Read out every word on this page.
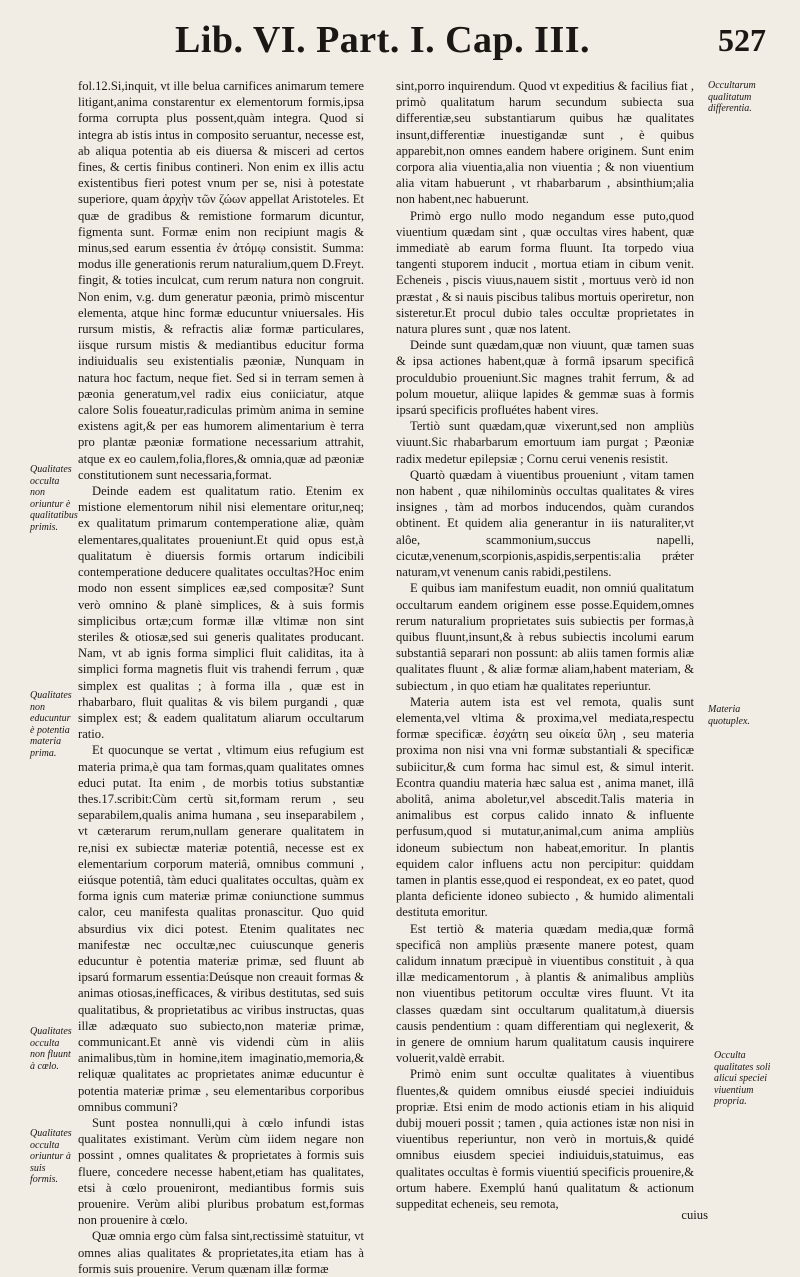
Lib. VI. Part. I. Cap. III.	527

fol.12.Si,inquit, vt ille belua carnifices animarum temere litigant,anima constarentur ex elementorum formis,ipsa forma corrupta plus possent,quàm integra. Quod si integra ab istis intus in composito seruantur, necesse est, ab aliqua potentia ab eis diuersa & misceri ad certos fines, & certis finibus contineri. Non enim ex illis actu existentibus fieri potest vnum per se, nisi à potestate superiore, quam ἀρχὴν τῶν ζώων appellat Aristoteles. Et quæ de gradibus & remistione formarum dicuntur, figmenta sunt. Formæ enim non recipiunt magis & minus,sed earum essentia ἐν ἀτόμῳ consistit. Summa: modus ille generationis rerum naturalium,quem D.Freyt. fingit, & toties inculcat, cum rerum natura non congruit. Non enim, v.g. dum generatur pæonia, primò miscentur elementa, atque hinc formæ educuntur vniuersales. His rursum mistis, & refractis aliæ formæ particulares, iisque rursum mistis & mediantibus educitur forma indiuidualis seu existentialis pæoniæ, Nunquam in natura hoc factum, neque fiet. Sed si in terram semen à pæonia generatum,vel radix eius coniiciatur, atque calore Solis foueatur,radiculas primùm anima in semine existens agit,& per eas humorem alimentarium è terra pro plantæ pæoniæ formatione necessarium attrahit, atque ex eo caulem,folia,flores,& omnia,quæ ad pæoniæ constitutionem sunt necessaria,format.

Deinde eadem est qualitatum ratio. Etenim ex mistione elementorum nihil nisi elementare oritur,neq; ex qualitatum primarum contemperatione aliæ, quàm elementares,qualitates proueniunt.Et quid opus est,à qualitatum è diuersis formis ortarum indicibili contemperatione deducere qualitates occultas?Hoc enim modo non essent simplices eæ,sed compositæ? Sunt verò omnino & planè simplices, & à suis formis simplicibus ortæ;cum formæ illæ vltimæ non sint steriles & otiosæ,sed sui generis qualitates producant. Nam, vt ab ignis forma simplici fluit caliditas, ita à simplici forma magnetis fluit vis trahendi ferrum , quæ simplex est qualitas ; à forma illa , quæ est in rhabarbaro, fluit qualitas & vis bilem purgandi , quæ simplex est; & eadem qualitatum aliarum occultarum ratio.

Et quocunque se vertat , vltimum eius refugium est materia prima,è qua tam formas,quam qualitates omnes educi putat. Ita enim , de morbis totius substantiæ thes.17.scribit:Cùm certù sit,formam rerum , seu separabilem,qualis anima humana , seu inseparabilem , vt cæterarum rerum,nullam generare qualitatem in re,nisi ex subiectæ materiæ potentiâ, necesse est ex elementarium corporum materiâ, omnibus communi , eiúsque potentiâ, tàm educi qualitates occultas, quàm ex forma ignis cum materiæ primæ coniunctione summus calor, ceu manifesta qualitas pronascitur. Quo quid absurdius vix dici potest. Etenim qualitates nec manifestæ nec occultæ,nec cuiuscunque generis educuntur è potentia materiæ primæ, sed fluunt ab ipsarú formarum essentia:Deúsque non creauit formas & animas otiosas,inefficaces, & viribus destitutas, sed suis qualitatibus, & proprietatibus ac viribus instructas, quas illæ adæquato suo subiecto,non materiæ primæ, communicant.Et annè vis videndi cùm in aliis animalibus,tùm in homine,item imaginatio,memoria,& reliquæ qualitates ac proprietates animæ educuntur è potentia materiæ primæ , seu elementaribus corporibus omnibus communi?

Sunt postea nonnulli,qui à cœlo infundi istas qualitates existimant. Verùm cùm iidem negare non possint , omnes qualitates & proprietates à formis suis fluere, concedere necesse habent,etiam has qualitates, etsi à cœlo proueniront, mediantibus formis suis prouenire. Verùm alibi pluribus probatum est,formas non prouenire à cœlo.

Quæ omnia ergo cùm falsa sint,rectissimè statuitur, vt omnes alias qualitates & proprietates,ita etiam has à formis suis prouenire. Verum quænam illæ formæ

sint,porro inquirendum. Quod vt expeditius & facilius fiat , primò qualitatum harum secundum subiecta sua differentiæ,seu substantiarum quibus hæ qualitates insunt,differentiæ inuestigandæ sunt , è quibus apparebit,non omnes eandem habere originem. Sunt enim corpora alia viuentia,alia non viuentia ; & non viuentium alia vitam habuerunt , vt rhabarbarum , absinthium;alia non habent,nec habuerunt.

Primò ergo nullo modo negandum esse puto,quod viuentium quædam sint , quæ occultas vires habent, quæ immediatè ab earum forma fluunt. Ita torpedo viua tangenti stuporem inducit , mortua etiam in cibum venit. Echeneis , piscis viuus,nauem sistit , mortuus verò id non præstat , & si nauis piscibus talibus mortuis operiretur, non sisteretur.Et procul dubio tales occultæ proprietates in natura plures sunt , quæ nos latent.

Deinde sunt quædam,quæ non viuunt, quæ tamen suas & ipsa actiones habent,quæ à formâ ipsarum specificâ proculdubio proueniunt.Sic magnes trahit ferrum, & ad polum mouetur, aliique lapides & gemmæ suas à formis ipsarú specificis profluétes habent vires.

Tertiò sunt quædam,quæ vixerunt,sed non ampliùs viuunt.Sic rhabarbarum emortuum iam purgat ; Pæoniæ radix medetur epilepsiæ ; Cornu cerui venenis resistit.

Quartò quædam à viuentibus proueniunt , vitam tamen non habent , quæ nihilominùs occultas qualitates & vires insignes , tàm ad morbos inducendos, quàm curandos obtinent. Et quidem alia generantur in iis naturaliter,vt alôe, scammonium,succus napelli, cicutæ,venenum,scorpionis,aspidis,serpentis:alia prǽter naturam,vt venenum canis rabidi,pestilens.

E quibus iam manifestum euadit, non omniú qualitatum occultarum eandem originem esse posse.Equidem,omnes rerum naturalium proprietates suis subiectis per formas,à quibus fluunt,insunt,& à rebus subiectis incolumi earum substantiâ separari non possunt: ab aliis tamen formis aliæ qualitates fluunt , & aliæ formæ aliam,habent materiam, & subiectum , in quo etiam hæ qualitates reperiuntur.

Materia autem ista est vel remota, qualis sunt elementa,vel vltima & proxima,vel mediata,respectu formæ specificæ. ἐσχάτη seu οἰκεία ὕλη , seu materia proxima non nisi vna vni formæ substantiali & specificæ subiicitur,& cum forma hac simul est, & simul interit. Econtra quandiu materia hæc salua est , anima manet, illâ abolitâ, anima aboletur,vel abscedit.Talis materia in animalibus est corpus calido innato & influente perfusum,quod si mutatur,animal,cum anima ampliùs idoneum subiectum non habeat,emoritur. In plantis equidem calor influens actu non percipitur: quiddam tamen in plantis esse,quod ei respondeat, ex eo patet, quod planta deficiente idoneo subiecto , & humido alimentali destituta emoritur.

Est tertiò & materia quædam media,quæ formâ specificâ non ampliùs præsente manere potest, quam calidum innatum præcipuè in viuentibus constituit , à qua illæ medicamentorum , à plantis & animalibus ampliùs non viuentibus petitorum occultæ vires fluunt. Vt ita classes quædam sint occultarum qualitatum,à diuersis causis pendentium : quam differentiam qui neglexerit, & in genere de omnium harum qualitatum causis inquirere voluerit,valdè errabit.

Primò enim sunt occultæ qualitates à viuentibus fluentes,& quidem omnibus eiusdé speciei indiuiduis propriæ. Etsi enim de modo actionis etiam in his aliquid dubij moueri possit ; tamen , quia actiones istæ non nisi in viuentibus reperiuntur, non verò in mortuis,& quidé omnibus eiusdem speciei indiuiduis,statuimus, eas qualitates occultas è formis viuentiú specificis prouenire,& ortum habere. Exemplú hanú qualitatum & actionum suppeditat echeneis, seu remota,

Occultarum qualitatum differentia.
Qualitates occulta non oriuntur è qualitatibus primis.
Qualitates non educuntur è potentia materia prima.
Materia quotuplex.
Qualitates occulta non fluunt à cœlo.
Occulta qualitates soli alicui speciei viuentium propria.
Qualitates occulta oriuntur à suis formis.
cuius
